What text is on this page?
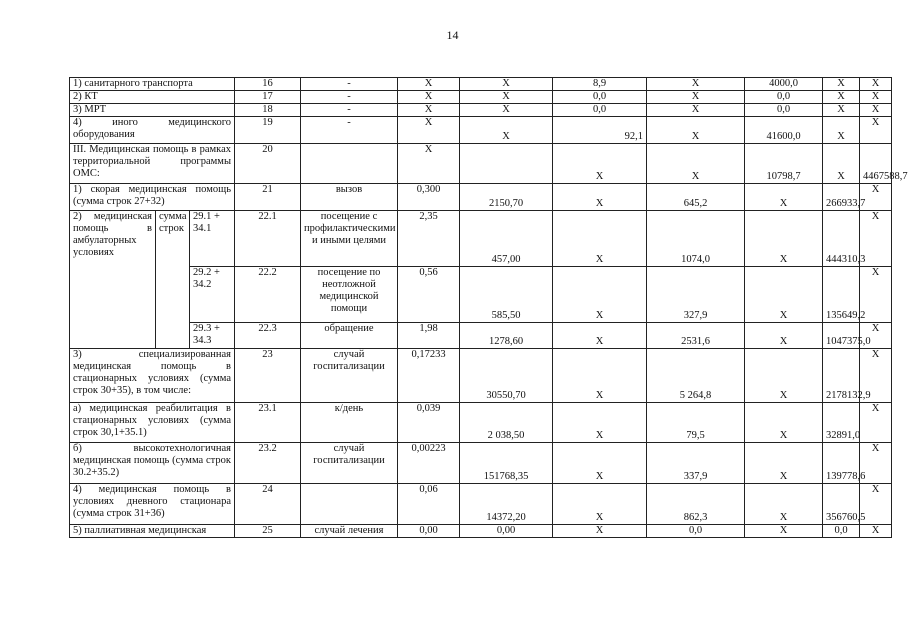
14
1) санитарного транспорта			16	-	X	X	8,9	X	4000,0	X	X	
2) КТ			17	-	X	X	0,0	X	0,0	X	X	
3) МРТ			18	-	X	X	0,0	X	0,0	X	X	
4) иного медицинского оборудования			19	-	X	X	92,1	X	41600,0	X	X	
III. Медицинская помощь в рамках территориальной программы ОМС:			20		X		X	X	10798,7	X	4467588,7	
1) скорая медицинская помощь (сумма строк 27+32)			21	вызов	0,300	2150,70	X	645,2	X	266933,7	X	
2) медицинская помощь в амбулаторных условиях	сумма строк	29.1 + 34.1	22.1	посещение с профилактическими и иными целями	2,35	457,00	X	1074,0	X	444310,3	X	
		29.2 + 34.2	22.2	посещение по неотложной медицинской помощи	0,56	585,50	X	327,9	X	135649,2	X	
		29.3 + 34.3	22.3	обращение	1,98	1278,60	X	2531,6	X	1047375,0	X	
3) специализированная медицинская помощь в стационарных условиях (сумма строк 30+35), в том числе:			23	случай госпитализации	0,17233	30550,70	X	5 264,8	X	2178132,9	X	
а) медицинская реабилитация в стационарных условиях (сумма строк 30,1+35.1)			23.1	к/день	0,039	2 038,50	X	79,5	X	32891,0	X	
б) высокотехнологичная медицинская помощь (сумма строк 30.2+35.2)			23.2	случай госпитализации	0,00223	151768,35	X	337,9	X	139778,6	X	
4) медицинская помощь в условиях дневного стационара (сумма строк 31+36)			24		0,06	14372,20	X	862,3	X	356760,5	X	
5) паллиативная медицинская			25	случай лечения	0,00	0,00	X	0,0	X	0,0	X	
